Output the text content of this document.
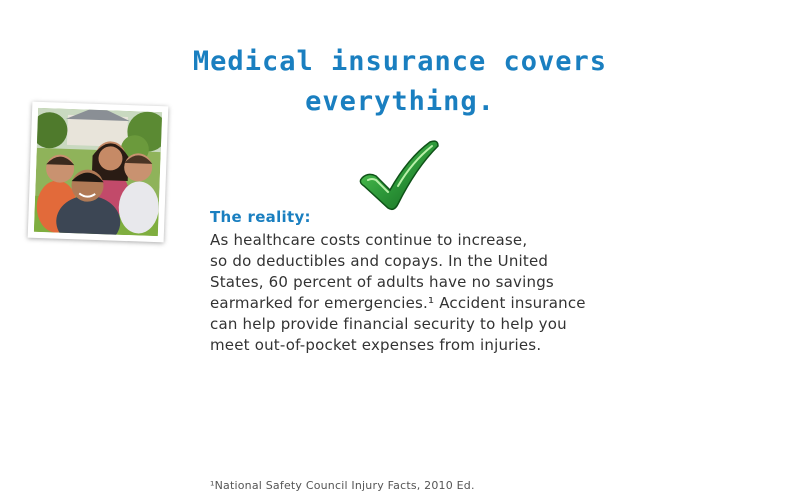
Medical insurance covers
everything.

The reality:

As healthcare costs continue to increase,
so do deductibles and copays. In the United
States, 60 percent of adults have no savings
earmarked for emergencies.¹ Accident insurance
can help provide financial security to help you
meet out-of-pocket expenses from injuries.

¹National Safety Council Injury Facts, 2010 Ed.
